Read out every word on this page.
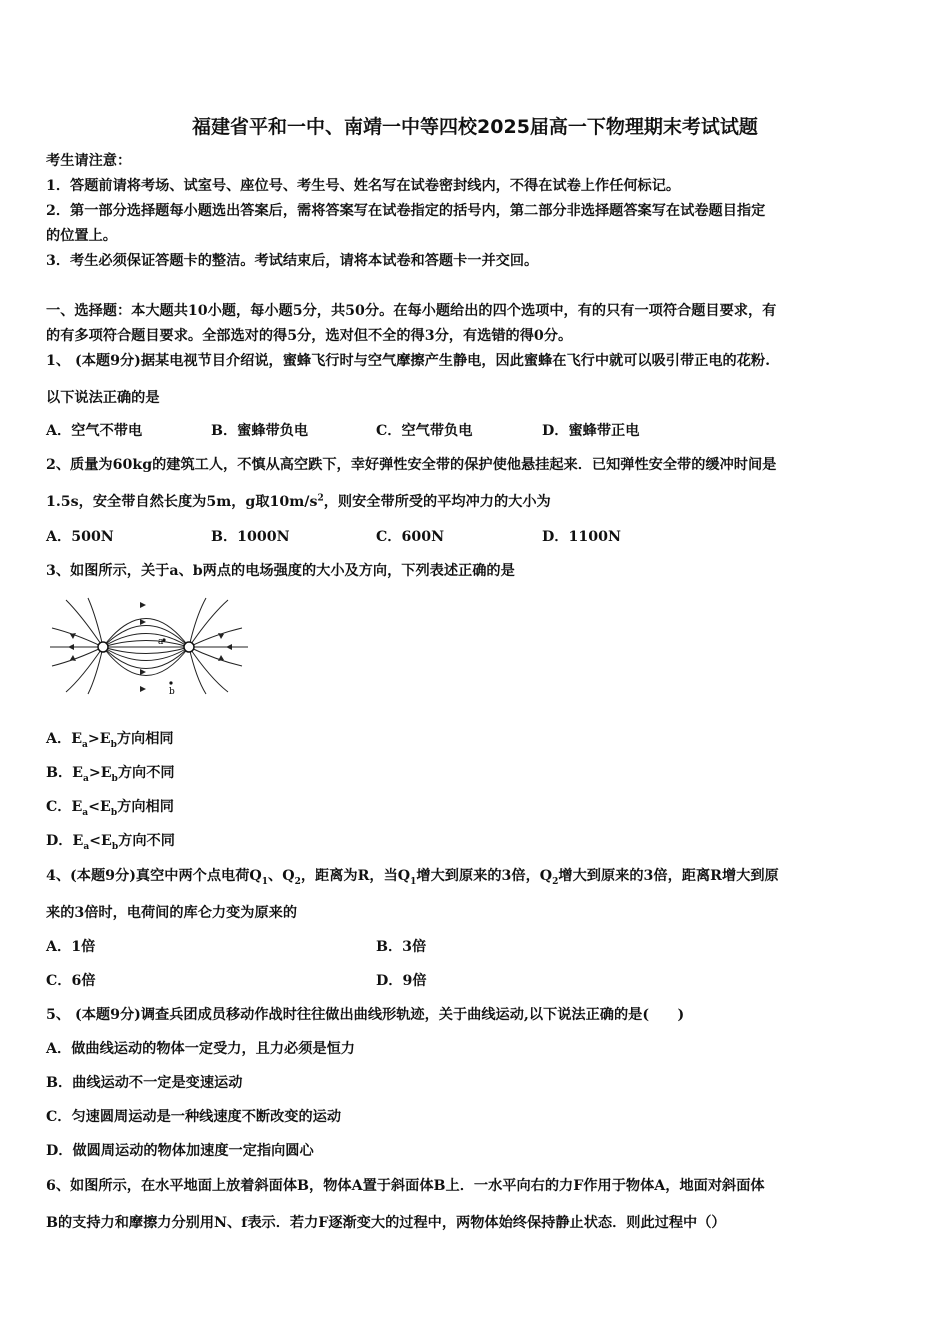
福建省平和一中、南靖一中等四校2025届高一下物理期末考试试题
考生请注意：
1．答题前请将考场、试室号、座位号、考生号、姓名写在试卷密封线内，不得在试卷上作任何标记。
2．第一部分选择题每小题选出答案后，需将答案写在试卷指定的括号内，第二部分非选择题答案写在试卷题目指定
的位置上。
3．考生必须保证答题卡的整洁。考试结束后，请将本试卷和答题卡一并交回。
一、选择题：本大题共10小题，每小题5分，共50分。在每小题给出的四个选项中，有的只有一项符合题目要求，有
的有多项符合题目要求。全部选对的得5分，选对但不全的得3分，有选错的得0分。
1、 (本题9分)据某电视节目介绍说，蜜蜂飞行时与空气摩擦产生静电，因此蜜蜂在飞行中就可以吸引带正电的花粉.
以下说法正确的是
A．空气不带电	B．蜜蜂带负电	C．空气带负电	D．蜜蜂带正电
2、质量为60kg的建筑工人，不慎从高空跌下，幸好弹性安全带的保护使他悬挂起来．已知弹性安全带的缓冲时间是
1.5s，安全带自然长度为5m，g取$10m/s^2$，则安全带所受的平均冲力的大小为
A．500N	B．1000N	C．600N	D．1100N
3、如图所示，关于a、b两点的电场强度的大小及方向，下列表述正确的是
a
b
A．$E_a>E_b$方向相同
B．$E_a>E_b$方向不同
C．$E_a<E_b$方向相同
D．$E_a<E_b$方向不同
4、(本题9分)真空中两个点电荷$Q_1$、$Q_2$，距离为R，当$Q_1$增大到原来的3倍，$Q_2$增大到原来的3倍，距离R增大到原
来的3倍时，电荷间的库仑力变为原来的
A．1倍	B．3倍
C．6倍	D．9倍
5、 (本题9分)调查兵团成员移动作战时往往做出曲线形轨迹，关于曲线运动,以下说法正确的是(　　)
A．做曲线运动的物体一定受力，且力必须是恒力
B．曲线运动不一定是变速运动
C．匀速圆周运动是一种线速度不断改变的运动
D．做圆周运动的物体加速度一定指向圆心
6、如图所示，在水平地面上放着斜面体B，物体A置于斜面体B上．一水平向右的力F作用于物体A，地面对斜面体
B的支持力和摩擦力分别用N、f表示．若力F逐渐变大的过程中，两物体始终保持静止状态．则此过程中（）
